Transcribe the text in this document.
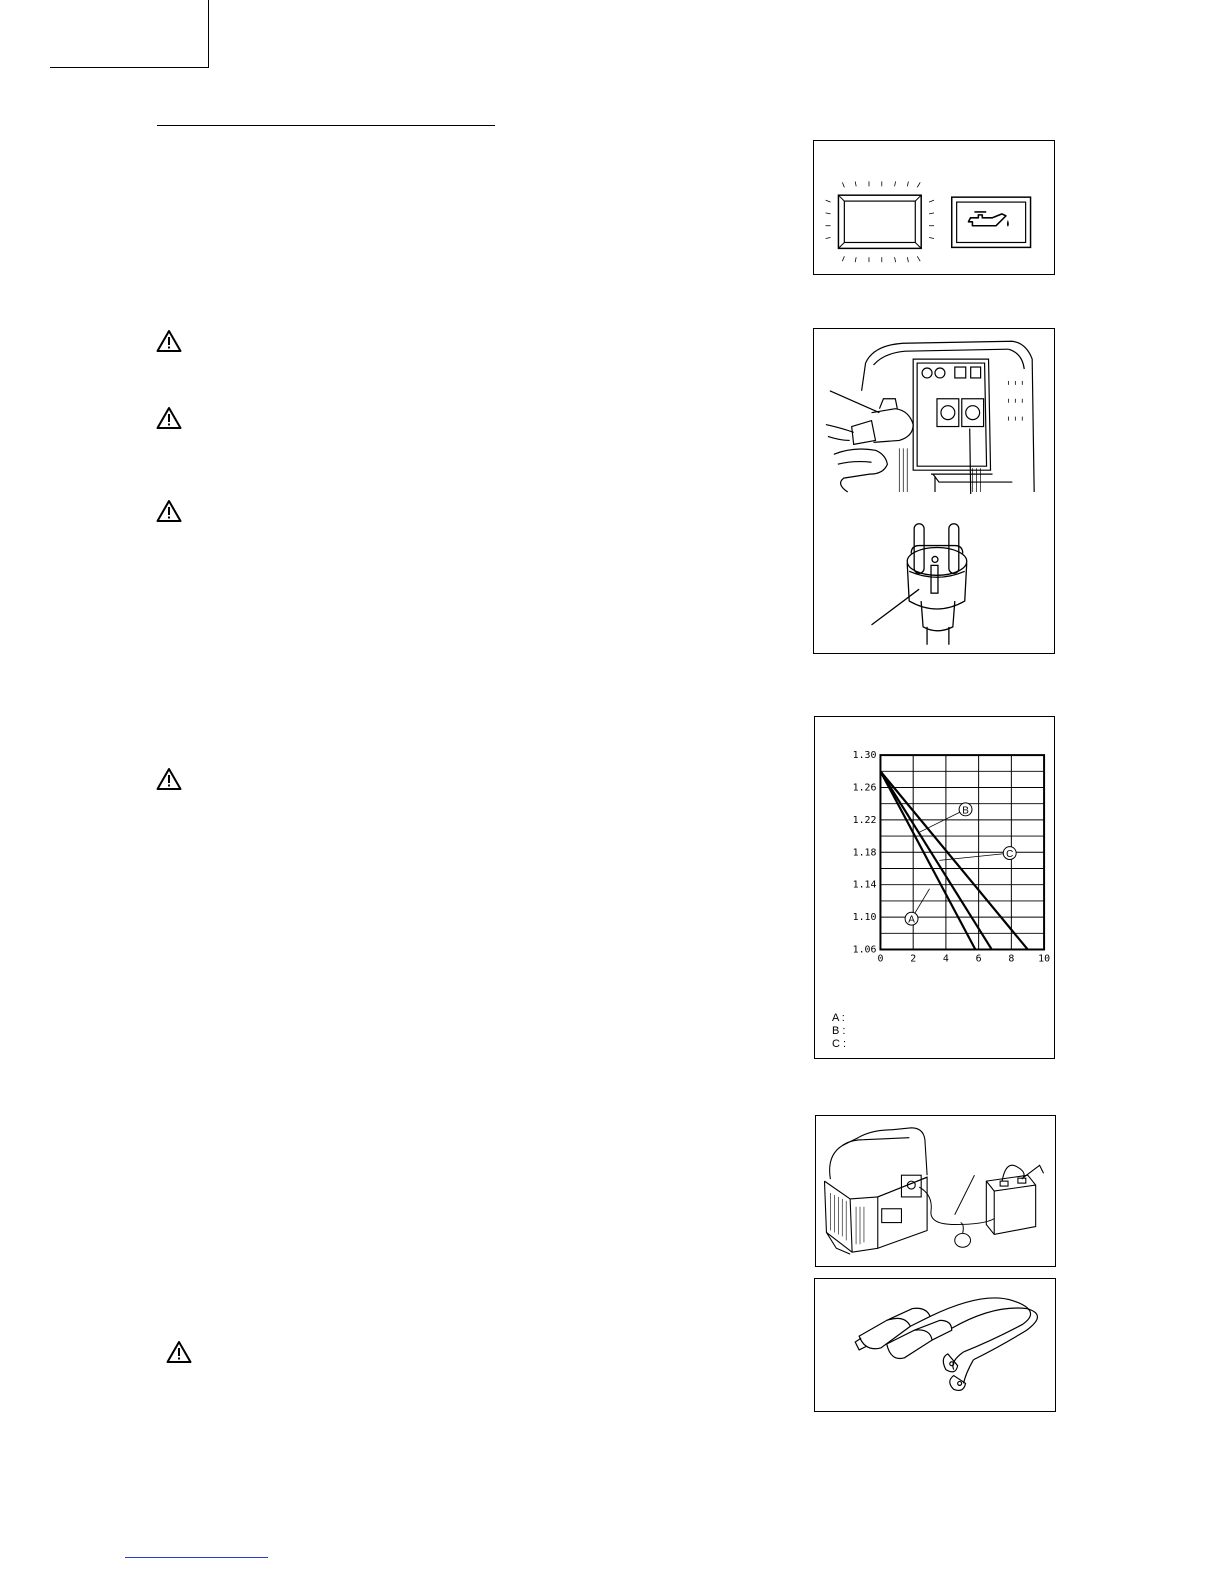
0	2	4	6	8 10
1.30
1.26
1.22
1.18
1.14
1.10
1.06
A
B
C
A :
B :
C :
